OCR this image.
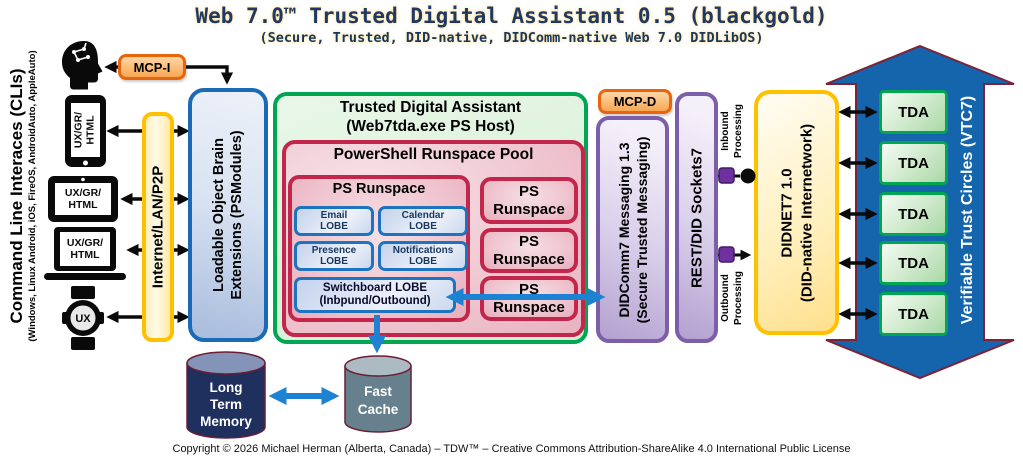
Web 7.0™ Trusted Digital Assistant 0.5 (blackgold)
(Secure, Trusted, DID-native, DIDComm-native Web 7.0 DIDLibOS)
Command Line Interaces (CLIs) (Windows, Linux Android, iOS, FireOS, AndroidAuto, AppleAuto)	UX/GR/ HTML
UX/GR/
HTML
UX/GR/
HTML
UX
Internet/LAN/P2P	Loadable Object Brain Extensions (PSModules)
Trusted Digital Assistant
(Web7tda.exe PS Host)
PowerShell Runspace Pool
PS Runspace
Email
LOBE
Calendar
LOBE
Presence
LOBE
Notifications
LOBE
Switchboard LOBE
(Inbpund/Outbound)
PS
Runspace
PS
Runspace
PS
Runspace
MCP-I
MCP-D
DIDComm7 Messaging 1.3 (Secure Trusted Messaging)	REST/DID Sockets7
Inbound Processing
Outbound Processing
DIDNET7 1.0 (DID-native Internetwork)	Verifiable Trust Circles (VTC7)
TDA
TDA
TDA
TDA
TDA
Long
Term
Memory
Fast
Cache
Copyright © 2026 Michael Herman (Alberta, Canada) – TDW™ – Creative Commons Attribution-ShareAlike 4.0 International Public License
